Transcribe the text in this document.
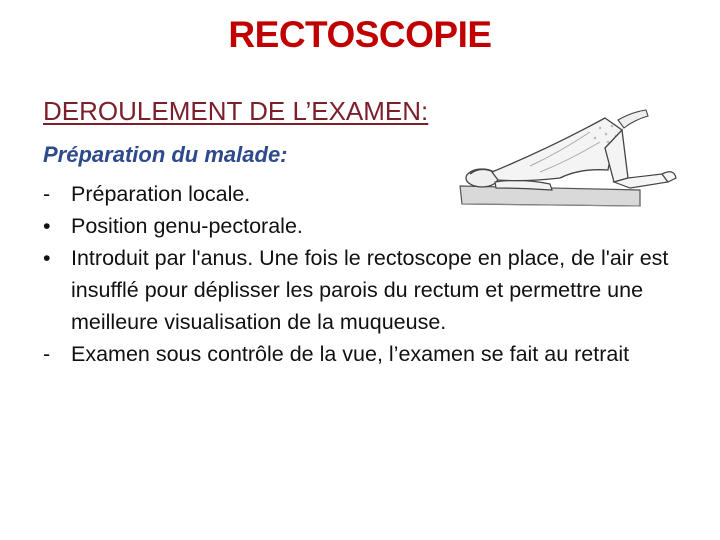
RECTOSCOPIE
DEROULEMENT DE L’EXAMEN:
Préparation du malade:
- Préparation locale.
• Position genu-pectorale.
• Introduit par l'anus. Une fois le rectoscope en place, de l'air est insufflé pour déplisser les parois du rectum et permettre une meilleure visualisation de la muqueuse.
- Examen sous contrôle de la vue, l’examen se fait au retrait
